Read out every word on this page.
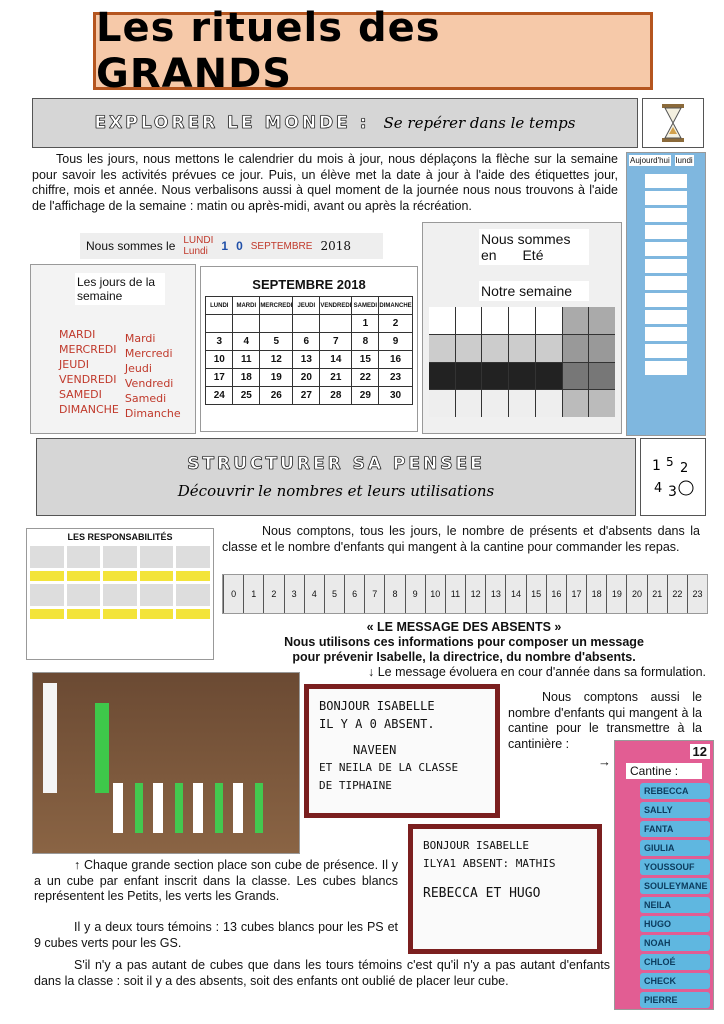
Les rituels des GRANDS
EXPLORER LE MONDE : Se repérer dans le temps

Tous les jours, nous mettons le calendrier du mois à jour, nous déplaçons la flèche sur la semaine pour savoir les activités prévues ce jour. Puis, un élève met la date à jour à l'aide des étiquettes jour, chiffre, mois et année. Nous verbalisons aussi à quel moment de la journée nous nous trouvons à l'aide de l'affichage de la semaine : matin ou après-midi, avant ou après la récréation.

Nous sommes le LUNDI
Lundi	1 0 SEPTEMBRE 2018
Les jours de la semaine
MARDI
MERCREDI
JEUDI
VENDREDI
SAMEDI
DIMANCHE
Mardi
Mercredi
Jeudi
Vendredi
Samedi
Dimanche
SEPTEMBRE 2018
LUNDI	MARDI	MERCREDI	JEUDI	VENDREDI	SAMEDI	DIMANCHE
					1	2
3	4	5	6	7	8	9
10	11	12	13	14	15	16
17	18	19	20	21	22	23
24	25	26	27	28	29	30
Nous sommes
en Eté
Notre semaine
Aujourd'hui lundi
STRUCTURER SA PENSEE
Découvrir le nombres et leurs utilisations
1 5 2
4 3
LES RESPONSABILITÉS	Nous comptons, tous les jours, le nombre de présents et d'absents dans la classe et le nombre d'enfants qui mangent à la cantine pour commander les repas.

0	1	2	3	4	5	6	7	8	9	10	11	12	13	14	15	16	17	18	19	20	21	22	23
« LE MESSAGE DES ABSENTS »
Nous utilisons ces informations pour composer un message
pour prévenir Isabelle, la directrice, du nombre d'absents.
↓ Le message évoluera en cour d'année dans sa formulation.
BONJOUR ISABELLE
IL Y A 0 ABSENT.
NAVEEN
ET NEILA DE LA CLASSE
DE TIPHAINE

Nous comptons aussi le nombre d'enfants qui mangent à la cantine pour le transmettre à la cantinière :

→
12
Cantine :
REBECCA
SALLY
FANTA
GIULIA
YOUSSOUF
SOULEYMANE
NEILA
HUGO
NOAH
CHLOÉ
CHECK
PIERRE
BONJOUR ISABELLE
ILYA1 ABSENT: MATHIS
REBECCA ET HUGO

↑ Chaque grande section place son cube de présence. Il y a un cube par enfant inscrit dans la classe. Les cubes blancs représentent les Petits, les verts les Grands.

Il y a deux tours témoins : 13 cubes blancs pour les PS et 9 cubes verts pour les GS.

S'il n'y a pas autant de cubes que dans les tours témoins c'est qu'il n'y a pas autant d'enfants dans la classe : soit il y a des absents, soit des enfants ont oublié de placer leur cube.
